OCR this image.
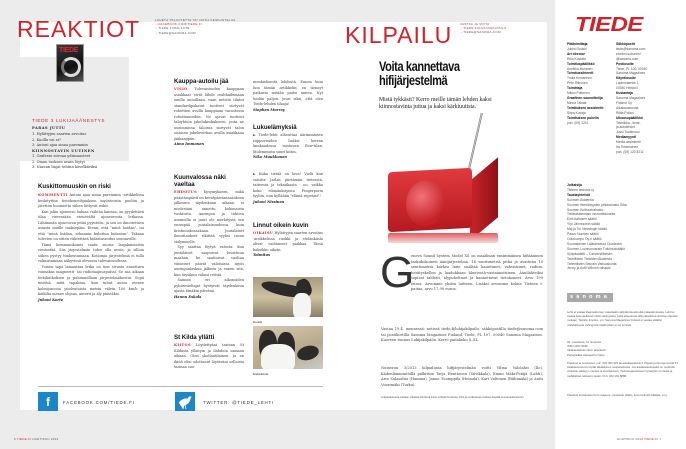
REAKTIOT	LÄHETÄ PALAUTETTA TAI JATKA KESKUSTELUA
→FACEBOOK.COM/TIEDE.FI
→TIEDE.FI/PALAUTE
→TIEDE@SANOMA.COM
TIEDE
TIEDE 3 LUKIJAÄÄNESTYS
PARAS JUTTU
1. Hylättyjen saarten arvoitus
2. Kuolla vai ei?
3. Autoni ajaa sinua paremmin
KIINNOSTAVIN UUTINEN
1. Grafeeni siivoaa ydinsaasteet
2. Oman taoksen avain löytyi
3. Nazcan linjat tehtiin kävelkäviksi
Kuskittomuuskin on riski
KOMMENTTI Autoni ajaa sinua paremmin -artikkelissa keskityttiin tietokoneohjauksen myönteisiin puoliin ja jätettiin huomiotta siihen liittyvät riskit.
 Kun jokin ajoneuvo haluaa vaihtaa kaistaa, on pyydettävä tilaa vieressään etenevältä ajoneuvosta letkassa. Lähimmän ajoneuvon pitää pyyntöön, ja sen on ilmoitettava asiasta muille taaksepäin. Etenn, että "minä hoidan", tai että "minä hoidan, sekunnin kuluttua hidastan". Takana tulevien on sitten välitettävä hidastusroitus seuraaville.
 Tämä kommunikointi vaatii suoria laajakaistaista viestintää. Siis järjestelmän tulee olla avoin, ja silloin siihen pystyy tunkeutumaan. Kotiomia järjestelmiä ei tulla valmistamaan näkyvissä olevassa tulevaisuudessa.
 Toinen tapa lamauttaa letka on tien sivusta annettava voimakas magneetti- tai radiotaajuuspulssi. Se saa aikaan tietokatkoksen ja pahimmillaan järjestelmäbootin. Sopii miettiä, mitä tapahtuu, kun tuhat autoa etenee kolmijonossa puolentoista metrin välein 100 km/h ja kaikilta menee ohjaus, autorit ja äly pimeäksi.
Juhani Korte
Kauppa-autoilu jää
VISIO Tulevaisuuden kauppaan asiakkaat eivät lähde realtkailemaan omilla autoillaan, vaan netistä tilatut standardipakatut tuotteet siirtyvät robottien avulla kauppiaan varastossa robottiautoihin. Ne ajavat tuotteet taloyhtiön jakelukeskukseen, josta ne uusimmissa taloissa siirtyvät talon sisäisen jakeluverkon avulla asiakkaan jääkaappiin.
Aimo Immonen
Kuunvalossa näki vaeltaa
EHDOTUS Kysymykseen, mikä päästäispäivä on kevätpäiväntasauksen jälkeisen täydenkuun aikaan, ei mielestäni annettu kokonaista vastausta. Auringon ja tähtien asemoilla ei juuri ole merkitystä sen enempää juutalaisuudessa kuin kristinuskossakaan. Juutalaiset ilmoittaukset rikittää syyksi tavan säilymiselle.
 Syy saattaa löytyä valosta: kun juutalaiset saapuivat luvattuun maahan, he saattoivat vaeltaa viimeiset päivät valoisassa myös auringonlaskun jälkeen ja ennen sitä, kun täysikuu valaisi reittiä.
 Samoin eri aikonoiden pyhiinvaeltajat hyötyivät täydenkuun ajasta tänäkin päivänä.
Hannu Eskola
St Kilda yllätti
KIITOS Löydettyäni tarinan St Kildasta ylläityin ja ilahduin samaan aikaan. Olen skotlantilainen, ja en ikinä olisi odottanut löytäväni sellaista tarinaa suo-
menkielisestä lehdestä. Ennen kuin luin tämän artikkelin, en tiennyt paikasta mitään paitsi nimen. Nyt tiedän paljon, juuri siksi, että olen Tiede-lehden tilaaja!
Stephen Murray
Lukuelämyksiä
► Tiede-lehti aiheuttaa äärimmäisen riippuvuuden lisäksi kerran kuukaudessa toistuvan flow-tilan. Molemmista suuri kiitos.
Niko Muukkonen
► Kuka tietää on kiva! Vielä kun saisitte Jarlan piirtämän tieteestä, taiteesta ja tekniikasta - no, vaikka koko elämänkirjasta Fingerporin tyyliin, niin kyllähän "elämä repeäisi"!
Juhani Nissinen
Linnut oikein kuvin
OIKAISU Hylättyjen saarten arvoitus -artikkelissa ruokki ja etelänkiisla olivat vaihtaneet paikkaa. Tässä kaksikko oikein.
Toimitus
Ruokki
Etelänkiisla
f	FACEBOOK.COM/TIEDE.FI	TWITTER: @TIEDE_LEHTI
6 TIEDE.FI HUHTIKUU 2013
KILPAILU	VASTAA JA VOITA
→TIEDE.FI/LUKIJAKILPAILU
→TIEDE@SANOMA.COM
Voita kannettava hifijärjestelmä
Mistä tykkäsit? Kerro meille tämän lehden kaksi kiinnostavinta juttua ja kaksi kärkiuutista.
G
eneva Sound System Model XS on maailman ensimmäinen hifiääninen taskukokoinen äänijärjestelmä. 16 senttimetriä pitkä ja avattuna 10 senttimetriä korkea laite sisältää kaiuttimet, vahvistimet, radion, herätyskellon ja laadukkaan bluetooth-vastaanottimen. Äänilähteiksi sopivat tabletit, älypuhelimet ja kannettavat tietokoneet. Arvo 199 euroa. Arvomme yhden laitteen. Lisäksi arvomme kolme Tieteen t-paitaa, arvo 17,90 euroa.
Vastaa 19.4. mennessä: netissä tiede.fi/lukijakilpailu, sähköpostilla tiede@sanoma.com tai postikortilla Sanoma Magazines Finland, Tiede, PL 107, 00040 Sanoma Magazines. Kuoreen tunnus Lukijakilpailu. Kerro paitakoko S–XL.
Numeron 3/2013 kilpailussa hifijärjestelmän voitti Vilma Valolahti (Ilo). Kädenlämmintöillä palkittiin Tarja Henttonen (Siivikkala), Emmi Mäki-Petäjä (Lahti), Arto Sulasalmi (Hamina), Janne Tuomppila (Heinola), Kari Valtonen (Riihimäki) ja Antti Vuorimäki (Turku).
Lukijapalautetta voidaan julkaista lehdessä ilman erillistä ilmoitusta. Nimi ja osoitetietoja voidaan käyttää suoramarkkinointiin.
TIEDE
Päätoimittaja
Jukka Ruukki
Art director
Riku Koskelo
Toimituspäällikkö
Annikka Mutanen
Toimitussihteerit
Tuula Kinnarinen
Petri Riikonen
Toimittaja
Mikko Puttonen
Graafinen suunnittelija
Minna Takala
Toimituksen assistentti
Sirpa Kuvaja
Toimituksen puhelin
puh. (09) 1201

Sähköpostit
tiede@sanoma.com
etunimi.sukunimi
@sanoma.com
Postiosoite
Tiede, PL 100, 00040
Sanoma Magazines
Käyntiosoite
Lapinmäentie 1,
00350 Helsinki
Kustantaja
Sanoma Magazines
Finland Oy
Aikakausmedia
Riitta Pollari
Ulkoasupäällikkö
Tekniikka-, tiede-
ja autolehdet
Jussi Tuulensuu
Mediamyynti
Media-assistentti
Ira Simenainen
puh. (09) 120 5211

Julkaisija
Tieteen tiedotus ry
Taustayhteisöt
Suomen Akatemia
Suomen itsenäisyyden juhlarahasto Sitra
Suomen Kulttuurirahasto
Tiedeakatemiain neuvottelukunta
Emil Aaltosen säätiö
Yrjö Jahnssonin säätiö
Maj ja Tor Nesslingin säätiö
Paavo Nurmen säätiö
Outokumpu Oy:n säätiö
Suomalainen Lääkäriseura Duodecim
Suomen Luonnonvarain Tutkimussäätiö
Syöpäsäätiö – Cancerstiftelsen
Teknillisten Tieteiden Akatemia
Tieteellisten Seurain Valtuuskunta
Jenny ja Antti Wihurin rahasto
sanoma
Lehti ei vastaa tilaamattomien materiaalin säilyttämisestä eikä palauttamisesta. Lehti ei vastaa lukuodellisesti niistä vahingoista, jotka aiheutuvat siitä julkaistava ilmoitus ohjeiden mukaan. Tarjoilu, ilmoitus, ym. Sanoma Magazines Finland ei vastaa sisällön mahdollisesta vahingosta mikäli jotain ei voi korvata.
33. vuosikerta, 12 numeroa
ISSN 1457-9030
Aikakauslehtien liiton jäsenlehti
Painopaikka Hansaprint Turku
Tilaukset ja muutokset, puh. 020 363 323 tai asiakaspalvelu.fi Ohjeita ja hinnoja sivulla 67. Asiakasnumeron löydät takakannen osoitetiedoista. Jos asiakastiedoissasi on merkintä virheistä, pääsyyn muutos ja ilmoitukseen. Tietosuojaselosteen kyselyihin on tiedot ja mahdolliset rekisterin tiedot. Puh. 020 191 8888.
Tilaukset toimitetaan force majeure -varauksin (lakko, luonnonilmiöt hätätila, ym.).
HUHTIKUU 2013 TIEDE.FI 7
